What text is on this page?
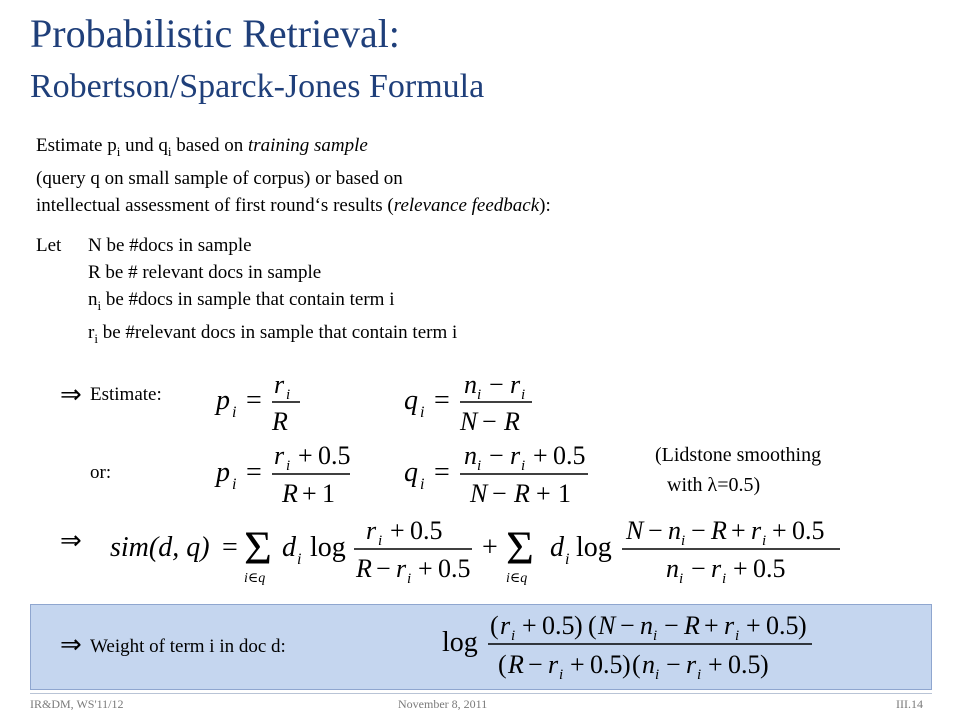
Probabilistic Retrieval:
Robertson/Sparck-Jones Formula
Estimate $p_i$ und $q_i$ based on training sample
(query q on small sample of corpus) or based on
intellectual assessment of first round‘s results (relevance feedback):
Let N be #docs in sample
R be # relevant docs in sample
$n_i$ be #docs in sample that contain term i
$r_i$ be #relevant docs in sample that contain term i
⇒ Estimate: p i =
r i
R
q i =
n i − r i
N − R
or:	p i =
r i + 0.5
R + 1
q i =
n i − r i + 0.5
N − R + 1
(Lidstone smoothing
with λ=0.5)
⇒ sim(d, q) = Σ
i∈q
d i log
r i + 0.5
R − r i + 0.5
+ Σ
i∈q
d i log
N − n i − R + r i + 0.5
n i − r i + 0.5
⇒ Weight of term i in doc d:	log
( r i + 0.5 ) ( N − n i − R + r i + 0.5 )
( R − r i + 0.5 ) ( n i − r i + 0.5 )
IR&DM, WS'11/12	November 8, 2011	III.14
